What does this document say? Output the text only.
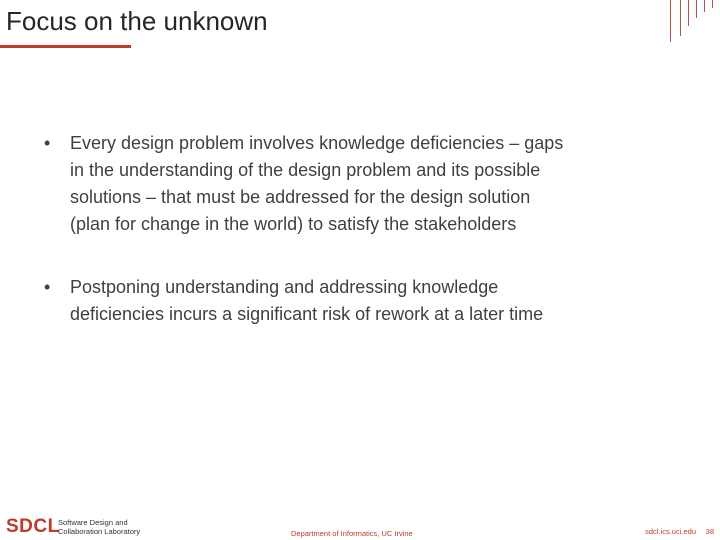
Focus on the unknown
• Every design problem involves knowledge deficiencies – gaps
in the understanding of the design problem and its possible
solutions – that must be addressed for the design solution
(plan for change in the world) to satisfy the stakeholders
• Postponing understanding and addressing knowledge
deficiencies incurs a significant risk of rework at a later time
SDCL
Software Design and
Collaboration Laboratory	Department of Informatics, UC Irvine	sdcl.ics.uci.edu 38
